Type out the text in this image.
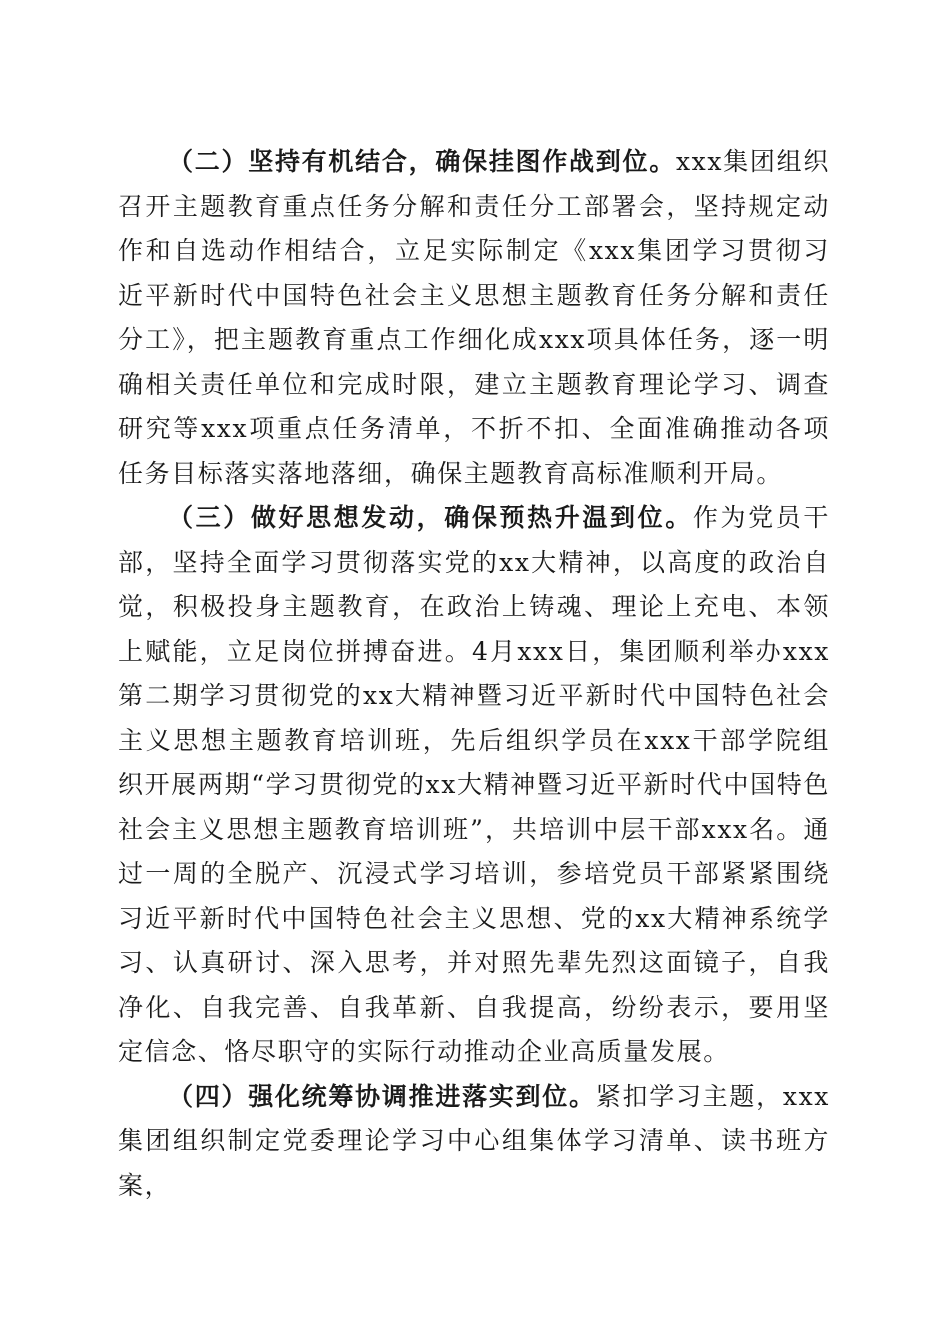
（二）坚持有机结合，确保挂图作战到位。xxx集团组织召开主题教育重点任务分解和责任分工部署会，坚持规定动作和自选动作相结合，立足实际制定《xxx集团学习贯彻习近平新时代中国特色社会主义思想主题教育任务分解和责任分工》，把主题教育重点工作细化成xxx项具体任务，逐一明确相关责任单位和完成时限，建立主题教育理论学习、调查研究等xxx项重点任务清单，不折不扣、全面准确推动各项任务目标落实落地落细，确保主题教育高标准顺利开局。

（三）做好思想发动，确保预热升温到位。作为党员干部，坚持全面学习贯彻落实党的xx大精神，以高度的政治自觉，积极投身主题教育，在政治上铸魂、理论上充电、本领上赋能，立足岗位拼搏奋进。4月xxx日，集团顺利举办xxx第二期学习贯彻党的xx大精神暨习近平新时代中国特色社会主义思想主题教育培训班，先后组织学员在xxx干部学院组织开展两期“学习贯彻党的xx大精神暨习近平新时代中国特色社会主义思想主题教育培训班”，共培训中层干部xxx名。通过一周的全脱产、沉浸式学习培训，参培党员干部紧紧围绕习近平新时代中国特色社会主义思想、党的xx大精神系统学习、认真研讨、深入思考，并对照先辈先烈这面镜子，自我净化、自我完善、自我革新、自我提高，纷纷表示，要用坚定信念、恪尽职守的实际行动推动企业高质量发展。

（四）强化统筹协调推进落实到位。紧扣学习主题，xxx集团组织制定党委理论学习中心组集体学习清单、读书班方案，
